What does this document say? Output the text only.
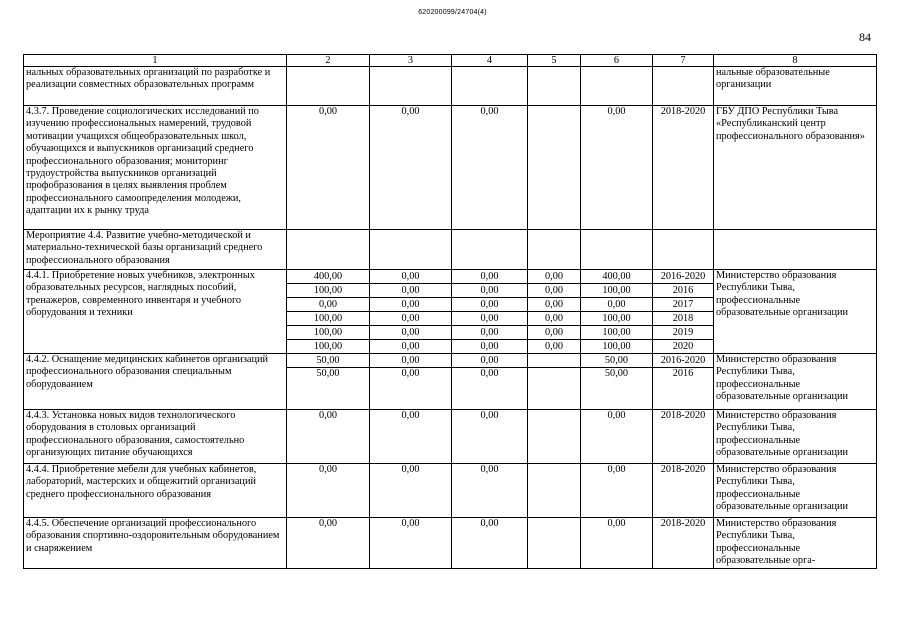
620200099/24704(4)
84
1	2	3	4	5	6	7	8
нальных образовательных организаций по разработке и реализации совместных образовательных программ							нальные образовательные организации
4.3.7. Проведение социологических исследований по изучению профессиональных намерений, трудовой мотивации учащихся общеобразовательных школ, обучающихся и выпускников организаций среднего профессионального образования; мониторинг трудоустройства выпускников организаций профобразования в целях выявления проблем профессионального самоопределения молодежи, адаптации их к рынку труда	0,00	0,00	0,00		0,00	2018-2020	ГБУ ДПО Республики Тыва «Республиканский центр профессионального образования»
Мероприятие 4.4. Развитие учебно-методической и материально-технической базы организаций среднего профессионального образования							
4.4.1. Приобретение новых учебников, электронных образовательных ресурсов, наглядных пособий, тренажеров, современного инвентаря и учебного оборудования и техники	400,00	0,00	0,00	0,00	400,00	2016-2020	Министерство образования Республики Тыва, профессиональные образовательные организации
	100,00	0,00	0,00	0,00	100,00	2016	
	0,00	0,00	0,00	0,00	0,00	2017	
	100,00	0,00	0,00	0,00	100,00	2018	
	100,00	0,00	0,00	0,00	100,00	2019	
	100,00	0,00	0,00	0,00	100,00	2020	
4.4.2. Оснащение медицинских кабинетов организаций профессионального образования специальным оборудованием	50,00	0,00	0,00		50,00	2016-2020	Министерство образования Республики Тыва, профессиональные образовательные организации
	50,00	0,00	0,00		50,00	2016	
4.4.3. Установка новых видов технологического оборудования в столовых организаций профессионального образования, самостоятельно организующих питание обучающихся	0,00	0,00	0,00		0,00	2018-2020	Министерство образования Республики Тыва, профессиональные образовательные организации
4.4.4. Приобретение мебели для учебных кабинетов, лабораторий, мастерских и общежитий организаций среднего профессионального образования	0,00	0,00	0,00		0,00	2018-2020	Министерство образования Республики Тыва, профессиональные образовательные организации
4.4.5. Обеспечение организаций профессионального образования спортивно-оздоровительным оборудованием и снаряжением	0,00	0,00	0,00		0,00	2018-2020	Министерство образования Республики Тыва, профессиональные образовательные орга-
